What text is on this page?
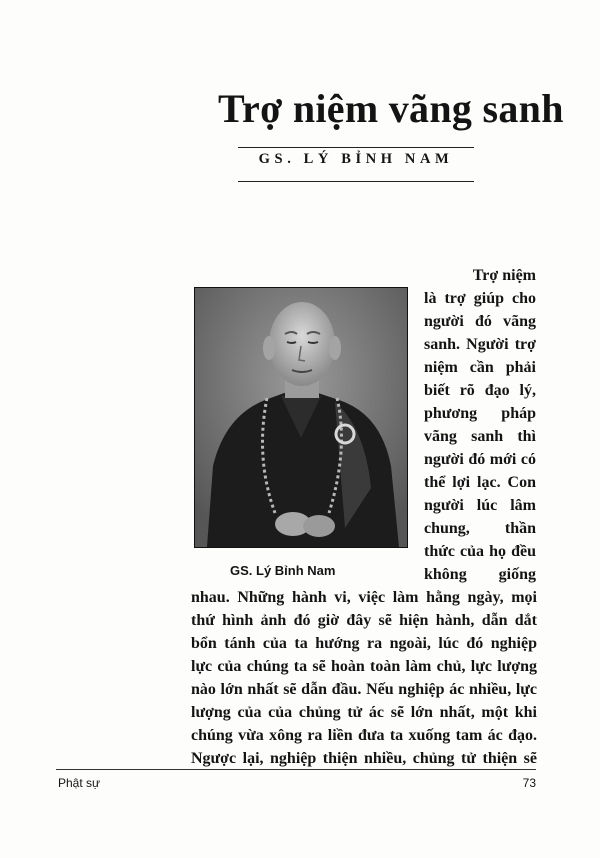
Trợ niệm vãng sanh
GS. LÝ BỈNH NAM
GS. Lý Bỉnh Nam

Trợ niệm

là trợ giúp cho

người đó vãng

sanh. Người trợ

niệm cần phải

biết rõ đạo lý,

phương pháp

vãng sanh thì

người đó mới có

thể lợi lạc. Con

người lúc lâm

chung, thần

thức của họ đều

không giống

nhau. Những hành vi, việc làm hằng ngày, mọi

thứ hình ảnh đó giờ đây sẽ hiện hành, dẫn dắt

bổn tánh của ta hướng ra ngoài, lúc đó nghiệp

lực của chúng ta sẽ hoàn toàn làm chủ, lực lượng

nào lớn nhất sẽ dẫn đầu. Nếu nghiệp ác nhiều, lực

lượng của của chủng tử ác sẽ lớn nhất, một khi

chúng vừa xông ra liền đưa ta xuống tam ác đạo.

Ngược lại, nghiệp thiện nhiều, chủng tử thiện sẽ

Phật sự	73
